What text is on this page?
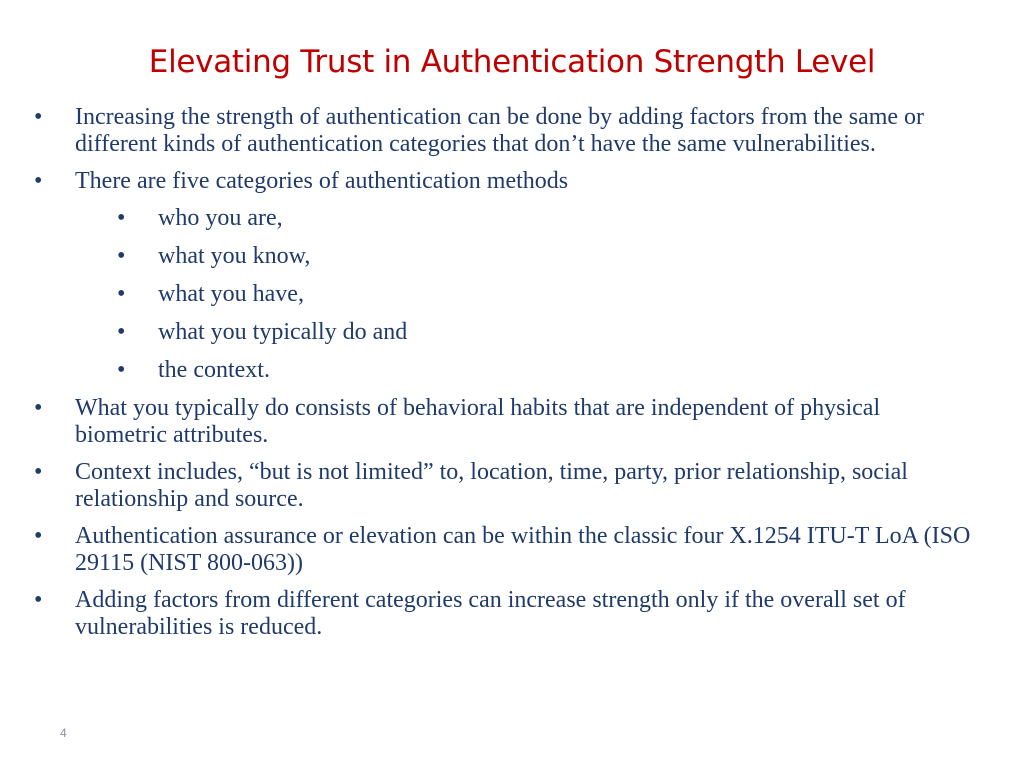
Elevating Trust in Authentication Strength Level
• Increasing the strength of authentication can be done by adding factors from the same or different kinds of authentication categories that don’t have the same vulnerabilities.
• There are five categories of authentication methods
• who you are,
• what you know,
• what you have,
• what you typically do and
• the context.
• What you typically do consists of behavioral habits that are independent of physical biometric attributes.
• Context includes, “but is not limited” to, location, time, party, prior relationship, social relationship and source.
• Authentication assurance or elevation can be within the classic four X.1254 ITU-T LoA (ISO 29115 (NIST 800-063))
• Adding factors from different categories can increase strength only if the overall set of vulnerabilities is reduced.
4
